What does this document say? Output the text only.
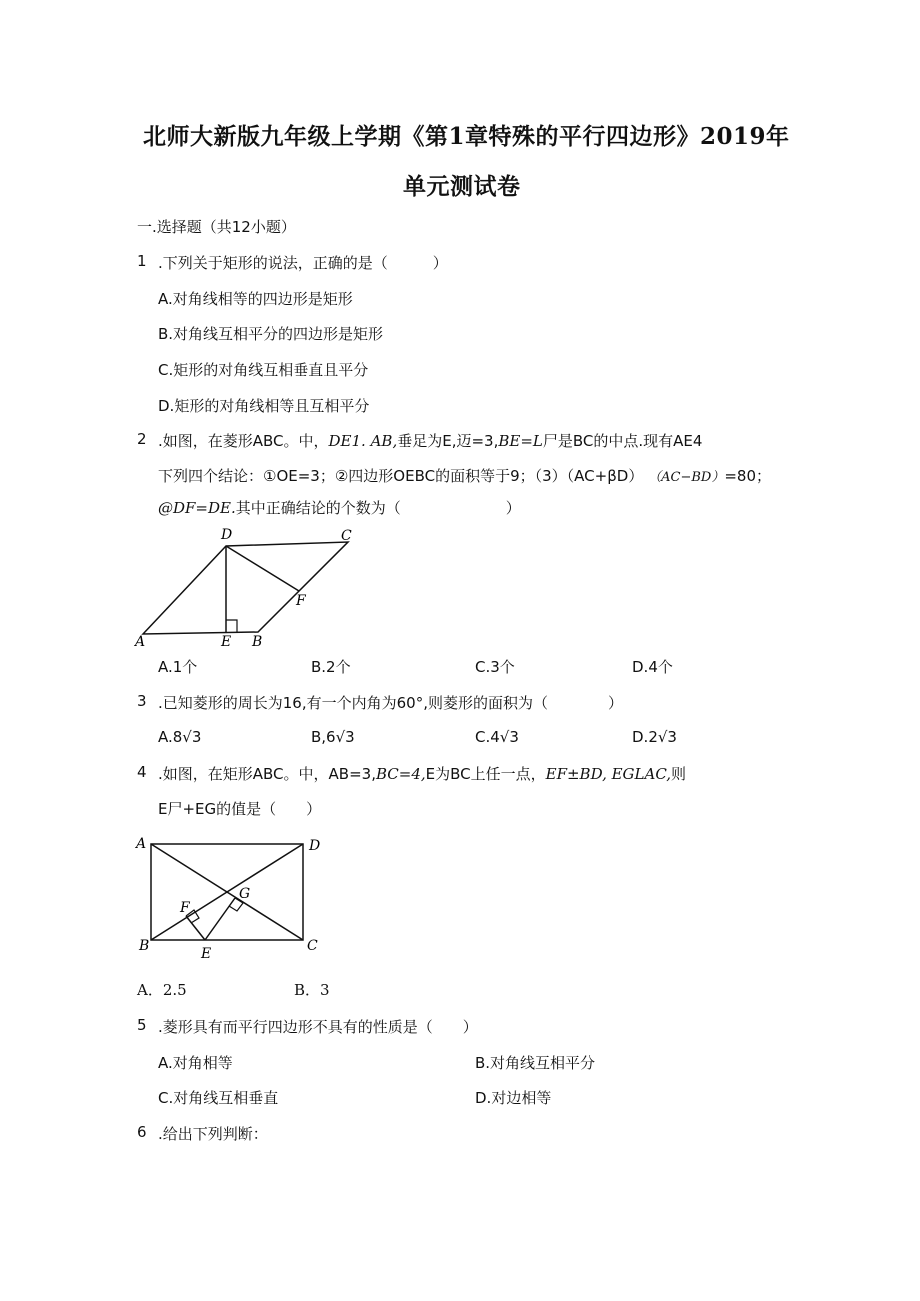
北师大新版九年级上学期《第1章特殊的平行四边形》2019年
单元测试卷
一.选择题（共12小题）
1 .下列关于矩形的说法，正确的是（　　　）
A.对角线相等的四边形是矩形
B.对角线互相平分的四边形是矩形
C.矩形的对角线互相垂直且平分
D.矩形的对角线相等且互相平分
2 .如图，在菱形ABC。中，DE1. AB,垂足为E,迈=3,BE=L尸是BC的中点.现有AE4
下列四个结论：①OE=3；②四边形OEBC的面积等于9；（3）（AC+βD） （AC−BD）=80；
@DF=DE.其中正确结论的个数为（　　　　　　　）
D	C
F
A	E B
A.1个	B.2个	C.3个	D.4个
3 .已知菱形的周长为16,有一个内角为60°,则菱形的面积为（　　　　）
A.8√3	B,6√3	C.4√3	D.2√3
4 .如图，在矩形ABC。中，AB=3,BC=4,E为BC上任一点，EF±BD, EGLAC,则
E尸+EG的值是（　　）
A	D
G
F
B	E	C
A．2.5	B．3
5 .菱形具有而平行四边形不具有的性质是（　　）
A.对角相等	B.对角线互相平分
C.对角线互相垂直	D.对边相等
6 .给出下列判断：
